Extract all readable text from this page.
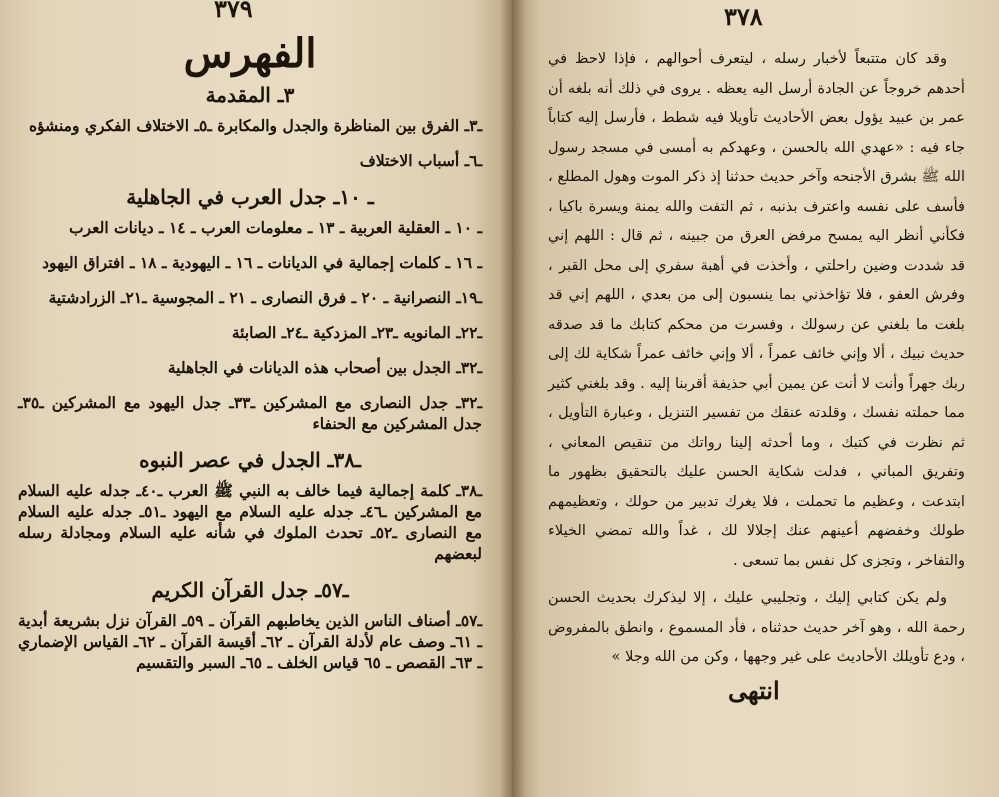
٣٧٩
الفهرس
٣ـ المقدمة
ـ٣ـ الفرق بين المناظرة والجدل والمكابرة ـ٥ـ الاختلاف الفكري ومنشؤه
ـ٦ـ أسباب الاختلاف
ـ ١٠ـ جدل العرب في الجاهلية
ـ ١٠ ـ العقلية العربية ـ ١٣ ـ معلومات العرب ـ ١٤ ـ ديانات العرب
ـ ١٦ ـ كلمات إجمالية في الديانات ـ ١٦ ـ اليهودية ـ ١٨ ـ افتراق اليهود
ـ١٩ـ النصرانية ـ ٢٠ ـ فرق النصارى ـ ٢١ ـ المجوسية ـ٢١ـ الزرادشتية
ـ٢٢ـ المانويه ـ٢٣ـ المزدكية ـ٢٤ـ الصابئة
ـ٣٢ـ الجدل بين أصحاب هذه الديانات في الجاهلية
ـ٣٢ـ جدل النصارى مع المشركين ـ٣٣ـ جدل اليهود مع المشركين ـ٣٥ـ جدل المشركين مع الحنفاء
ـ٣٨ـ الجدل في عصر النبوه
ـ٣٨ـ كلمة إجمالية فيما خالف به النبي ﷺ العرب ـ٤٠ـ جدله عليه السلام مع المشركين ـ٤٦ـ جدله عليه السلام مع اليهود ـ٥١ـ جدله عليه السلام مع النصارى ـ٥٢ـ تحدث الملوك في شأنه عليه السلام ومجادلة رسله لبعضهم
ـ٥٧ـ جدل القرآن الكريم
ـ٥٧ـ أصناف الناس الذين يخاطبهم القرآن ـ ٥٩ـ القرآن نزل بشريعة أبدية ـ ٦١ـ وصف عام لأدلة القرآن ـ ٦٢ـ أقيسة القرآن ـ ٦٢ـ القياس الإضماري ـ ٦٣ـ القصص ـ ٦٥ قياس الخلف ـ ٦٥ـ السبر والتقسيم
٣٧٨

وقد كان متتبعاً لأخبار رسله ، ليتعرف أحوالهم ، فإذا لاحظ في أحدهم خروجاً عن الجادة أرسل اليه يعظه . يروى في ذلك أنه بلغه أن عمر بن عبيد يؤول بعض الأحاديث تأويلا فيه شطط ، فأرسل إليه كتاباً جاء فيه : «عهدي الله بالحسن ، وعهدكم به أمسى في مسجد رسول الله ﷺ بشرق الأجنحه وآخر حديث حدثنا إذ ذكر الموت وهول المطلع ، فأسف على نفسه واعترف بذنبه ، ثم التفت والله يمنة ويسرة باكيا ، فكأني أنظر اليه يمسح مرفض العرق من جبينه ، ثم قال : اللهم إني قد شددت وضين راحلتي ، وأخذت في أهبة سفري إلى محل القبر ، وفرش العفو ، فلا تؤاخذني بما ينسبون إلى من بعدي ، اللهم إني قد بلغت ما بلغني عن رسولك ، وفسرت من محكم كتابك ما قد صدقه حديث نبيك ، ألا وإني خائف عمراً ، ألا وإني خائف عمراً شكاية لك إلى ربك جهراً وأنت لا أنت عن يمين أبي حذيفة أقربنا إليه . وقد بلغني كثير مما حملته نفسك ، وقلدته عنقك من تفسير التنزيل ، وعبارة التأويل ، ثم نظرت في كتبك ، وما أحدثه إلينا رواتك من تنقيص المعاني ، وتفريق المباني ، فدلت شكاية الحسن عليك بالتحقيق بظهور ما ابتدعت ، وعظيم ما تحملت ، فلا يغرك تدبير من حولك ، وتعظيمهم طولك وخفضهم أعينهم عنك إجلالا لك ، غداً والله تمضي الخيلاء والتفاخر ، وتجزى كل نفس بما تسعى .

ولم يكن كتابي إليك ، وتجليبي عليك ، إلا ليذكرك بحديث الحسن رحمة الله ، وهو آخر حديث حدثناه ، فأد المسموع ، وانطق بالمفروض ، ودع تأويلك الأحاديث على غير وجهها ، وكن من الله وجلا »

انتهى
